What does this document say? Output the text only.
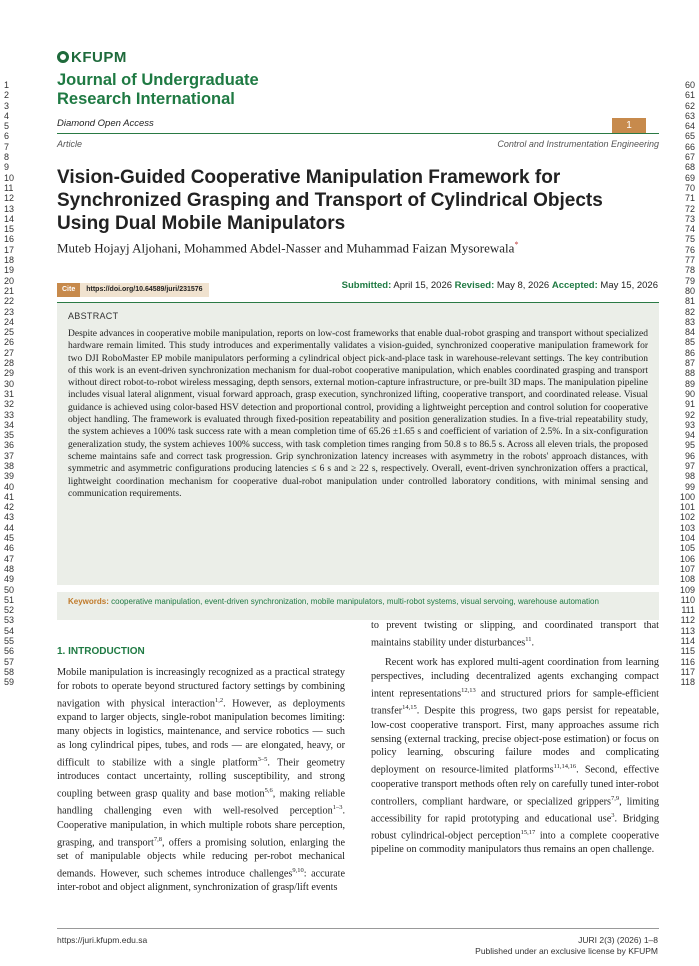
1
2
3
4
5
6
7
8
9
10
11
12
13
14
15
16
17
18
19
20
21
22
23
24
25
26
27
28
29
30
31
32
33
34
35
36
37
38
39
40
41
42
43
44
45
46
47
48
49
50
51
52
53
54
55
56
57
58
59
60
61
62
63
64
65
66
67
68
69
70
71
72
73
74
75
76
77
78
79
80
81
82
83
84
85
86
87
88
89
90
91
92
93
94
95
96
97
98
99
100
101
102
103
104
105
106
107
108
109
110
111
112
113
114
115
116
117
118
KFUPM
Journal of Undergraduate
Research International
Diamond Open Access	1
Article	Control and Instrumentation Engineering
Vision-Guided Cooperative Manipulation Framework for Synchronized Grasping and Transport of Cylindrical Objects Using Dual Mobile Manipulators
Muteb Hojayj Aljohani, Mohammed Abdel-Nasser and Muhammad Faizan Mysorewala*
Cite https://doi.org/10.64589/juri/231576	Submitted: April 15, 2026 Revised: May 8, 2026 Accepted: May 15, 2026
ABSTRACT
Despite advances in cooperative mobile manipulation, reports on low-cost frameworks that enable dual-robot grasping and transport without specialized hardware remain limited. This study introduces and experimentally validates a vision-guided, synchronized cooperative manipulation framework for two DJI RoboMaster EP mobile manipulators performing a cylindrical object pick-and-place task in warehouse-relevant settings. The key contribution of this work is an event-driven synchronization mechanism for dual-robot cooperative manipulation, which enables coordinated grasping and transport without direct robot-to-robot wireless messaging, depth sensors, external motion-capture infrastructure, or pre-built 3D maps. The manipulation pipeline includes visual lateral alignment, visual forward approach, grasp execution, synchronized lifting, cooperative transport, and coordinated release. Visual guidance is achieved using color-based HSV detection and proportional control, providing a lightweight perception and control solution for cooperative object handling. The framework is evaluated through fixed-position repeatability and position generalization studies. In a five-trial repeatability study, the system achieves a 100% task success rate with a mean completion time of 65.26 ±1.65 s and coefficient of variation of 2.5%. In a six-configuration generalization study, the system achieves 100% success, with task completion times ranging from 50.8 s to 86.5 s. Across all eleven trials, the proposed scheme maintains safe and correct task progression. Grip synchronization latency increases with asymmetry in the robots' approach distances, with symmetric and asymmetric configurations producing latencies ≤ 6 s and ≥ 22 s, respectively. Overall, event-driven synchronization offers a practical, lightweight coordination mechanism for cooperative dual-robot manipulation under controlled laboratory conditions, with minimal sensing and communication requirements.
Keywords: cooperative manipulation, event-driven synchronization, mobile manipulators, multi-robot systems, visual servoing, warehouse automation
1. INTRODUCTION
Mobile manipulation is increasingly recognized as a practical strategy for robots to operate beyond structured factory settings by combining navigation with physical interaction$^{1,2}$. However, as deployments expand to larger objects, single-robot manipulation becomes limiting: many objects in logistics, maintenance, and service robotics — such as long cylindrical pipes, tubes, and rods — are elongated, heavy, or difficult to stabilize with a single platform$^{3-5}$. Their geometry introduces contact uncertainty, rolling susceptibility, and strong coupling between grasp quality and base motion$^{5,6}$, making reliable handling challenging even with well-resolved perception$^{1-3}$. Cooperative manipulation, in which multiple robots share perception, grasping, and transport$^{7,8}$, offers a promising solution, enlarging the set of manipulable objects while reducing per-robot mechanical demands. However, such schemes introduce challenges$^{9,10}$: accurate inter-robot and object alignment, synchronization of grasp/lift events

to prevent twisting or slipping, and coordinated transport that maintains stability under disturbances$^{11}$.

Recent work has explored multi-agent coordination from learning perspectives, including decentralized agents exchanging compact intent representations$^{12,13}$ and structured priors for sample-efficient transfer$^{14,15}$. Despite this progress, two gaps persist for repeatable, low-cost cooperative transport. First, many approaches assume rich sensing (external tracking, precise object-pose estimation) or focus on policy learning, obscuring failure modes and complicating deployment on resource-limited platforms$^{11,14,16}$. Second, effective cooperative transport methods often rely on carefully tuned inter-robot controllers, compliant hardware, or specialized grippers$^{7,9}$, limiting accessibility for rapid prototyping and educational use$^3$. Bridging robust cylindrical-object perception$^{15,17}$ into a complete cooperative pipeline on commodity manipulators thus remains an open challenge.

https://juri.kfupm.edu.sa	JURI 2(3) (2026) 1–8
Published under an exclusive license by KFUPM
